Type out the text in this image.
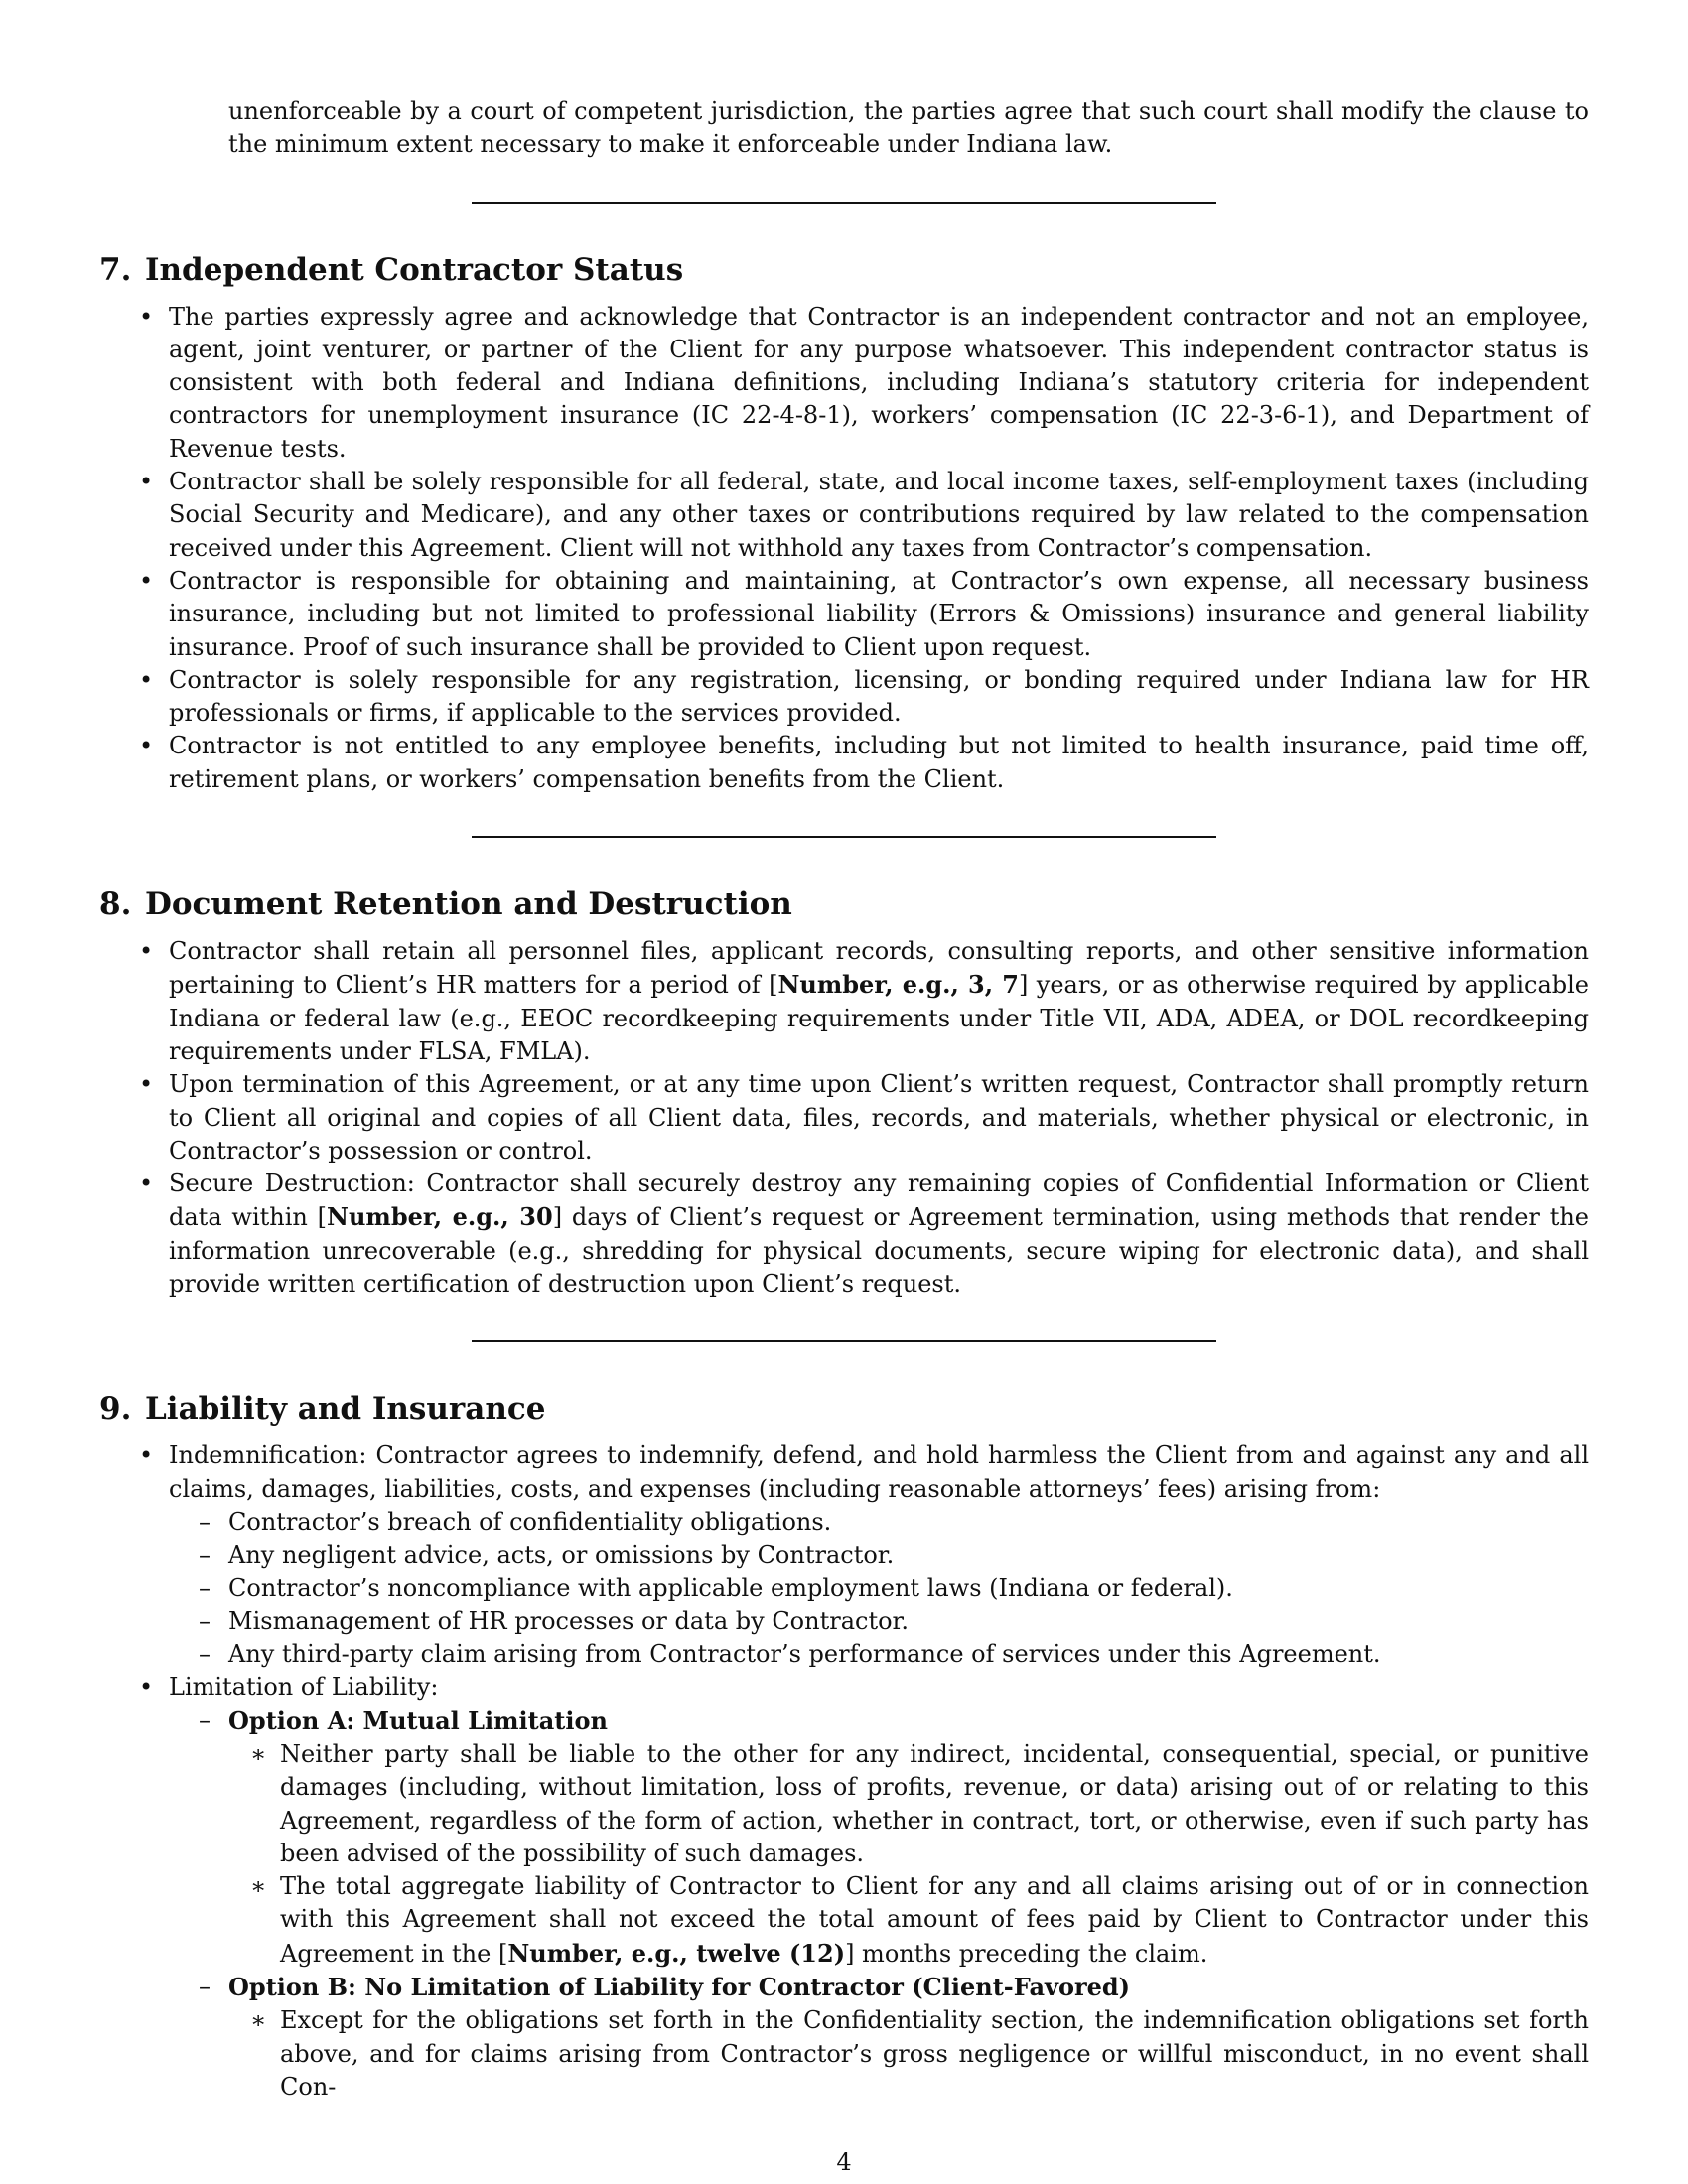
unenforceable by a court of competent jurisdiction, the parties agree that such court shall modify the clause to the minimum extent necessary to make it enforceable under Indiana law.

7. Independent Contractor Status
• The parties expressly agree and acknowledge that Contractor is an independent contractor and not an employee, agent, joint venturer, or partner of the Client for any purpose whatsoever. This independent contractor status is consistent with both federal and Indiana definitions, including Indiana’s statutory criteria for independent contractors for unemployment insurance (IC 22-4-8-1), workers’ compensation (IC 22-3-6-1), and Department of Revenue tests.
• Contractor shall be solely responsible for all federal, state, and local income taxes, self-employment taxes (including Social Security and Medicare), and any other taxes or contributions required by law related to the compensation received under this Agreement. Client will not withhold any taxes from Contractor’s compensation.
• Contractor is responsible for obtaining and maintaining, at Contractor’s own expense, all necessary business insurance, including but not limited to professional liability (Errors & Omissions) insurance and general liability insurance. Proof of such insurance shall be provided to Client upon request.
• Contractor is solely responsible for any registration, licensing, or bonding required under Indiana law for HR professionals or firms, if applicable to the services provided.
• Contractor is not entitled to any employee benefits, including but not limited to health insurance, paid time off, retirement plans, or workers’ compensation benefits from the Client.
8. Document Retention and Destruction
• Contractor shall retain all personnel files, applicant records, consulting reports, and other sensitive information pertaining to Client’s HR matters for a period of [Number, e.g., 3, 7] years, or as otherwise required by applicable Indiana or federal law (e.g., EEOC recordkeeping requirements under Title VII, ADA, ADEA, or DOL recordkeeping requirements under FLSA, FMLA).
• Upon termination of this Agreement, or at any time upon Client’s written request, Contractor shall promptly return to Client all original and copies of all Client data, files, records, and materials, whether physical or electronic, in Contractor’s possession or control.
• Secure Destruction: Contractor shall securely destroy any remaining copies of Confidential Information or Client data within [Number, e.g., 30] days of Client’s request or Agreement termination, using methods that render the information unrecoverable (e.g., shredding for physical documents, secure wiping for electronic data), and shall provide written certification of destruction upon Client’s request.
9. Liability and Insurance
• Indemnification: Contractor agrees to indemnify, defend, and hold harmless the Client from and against any and all claims, damages, liabilities, costs, and expenses (including reasonable attorneys’ fees) arising from:
– Contractor’s breach of confidentiality obligations.
– Any negligent advice, acts, or omissions by Contractor.
– Contractor’s noncompliance with applicable employment laws (Indiana or federal).
– Mismanagement of HR processes or data by Contractor.
– Any third-party claim arising from Contractor’s performance of services under this Agreement.
• Limitation of Liability:
– Option A: Mutual Limitation
∗ Neither party shall be liable to the other for any indirect, incidental, consequential, special, or punitive damages (including, without limitation, loss of profits, revenue, or data) arising out of or relating to this Agreement, regardless of the form of action, whether in contract, tort, or otherwise, even if such party has been advised of the possibility of such damages.
∗ The total aggregate liability of Contractor to Client for any and all claims arising out of or in connection with this Agreement shall not exceed the total amount of fees paid by Client to Contractor under this Agreement in the [Number, e.g., twelve (12)] months preceding the claim.
– Option B: No Limitation of Liability for Contractor (Client-Favored)
∗ Except for the obligations set forth in the Confidentiality section, the indemnification obligations set forth above, and for claims arising from Contractor’s gross negligence or willful misconduct, in no event shall Con-
4
